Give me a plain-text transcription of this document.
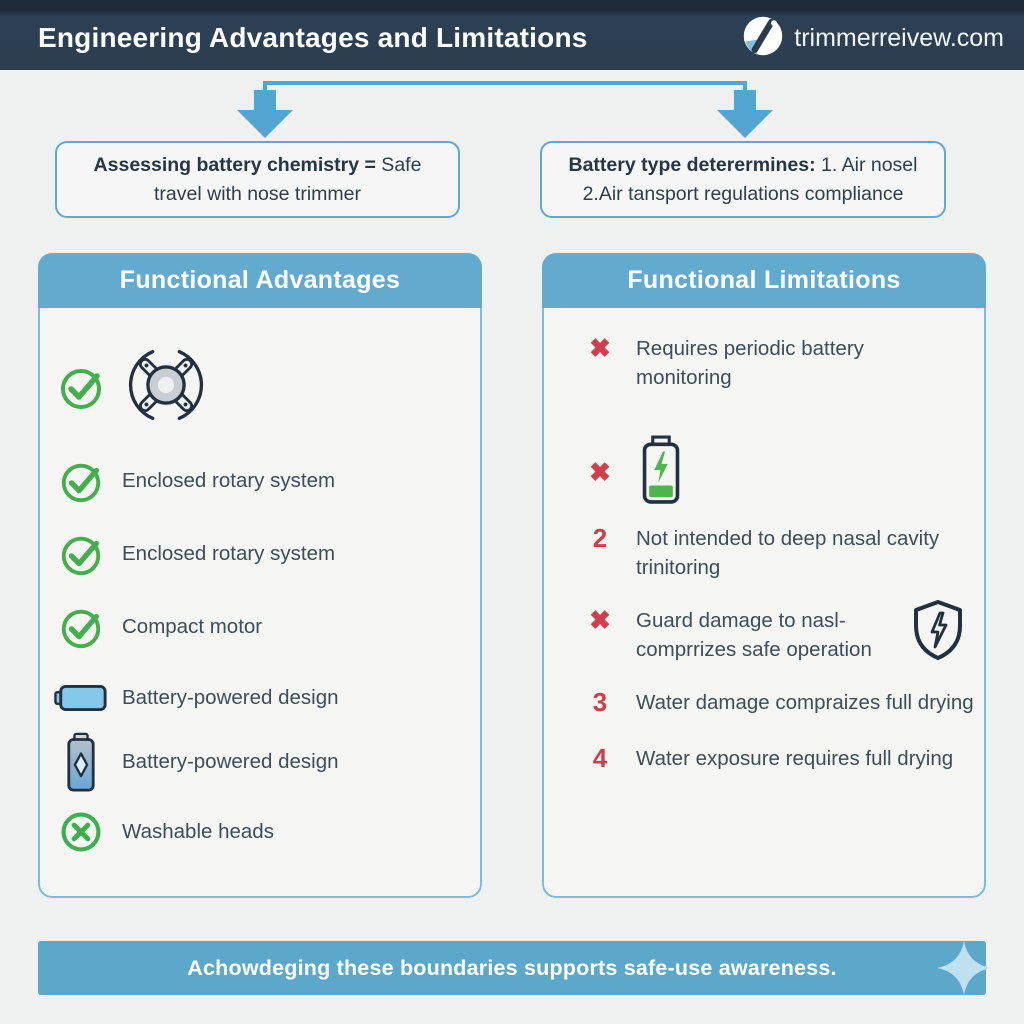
Engineering Advantages and Limitations	trimmerreivew.com
Assessing battery chemistry = Safe travel with nose trimmer
Battery type deterermines: 1. Air nosel 2.Air tansport regulations compliance
Functional Advantages
Enclosed rotary system
Enclosed rotary system
Compact motor
Battery-powered design
Battery-powered design
Washable heads
Functional Limitations
✖	Requires periodic battery monitoring
✖
2	Not intended to deep nasal cavity trinitoring
✖	Guard damage to nasl- comprrizes safe operation
3	Water damage compraizes full drying
4	Water exposure requires full drying
Achowdeging these boundaries supports safe-use awareness.
